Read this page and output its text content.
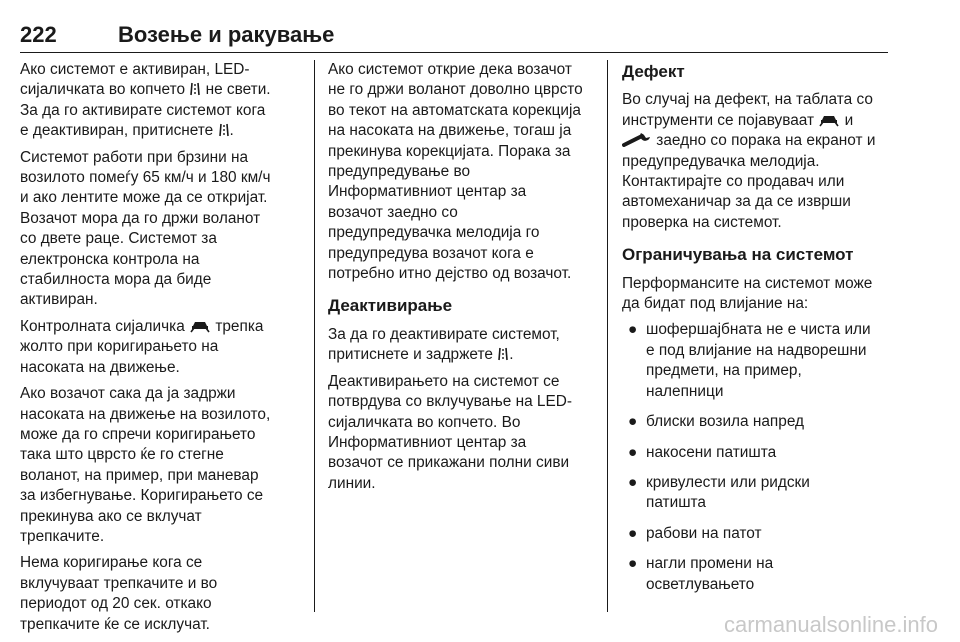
222	Возење и ракување

Ако системот е активиран, LED-
сијаличката во копчето  не свети.
За да го активирате системот кога
е деактивиран, притиснете .

Системот работи при брзини на
возилото помеѓу 65 км/ч и 180 км/ч
и ако лентите може да се откријат.
Возачот мора да го држи воланот
со двете раце. Системот за
електронска контрола на
стабилноста мора да биде
активиран.

Контролната сијаличка  трепка
жолто при коригирањето на
насоката на движење.

Ако возачот сака да ја задржи
насоката на движење на возилото,
може да го спречи коригирањето
така што цврсто ќе го стегне
воланот, на пример, при маневар
за избегнување. Коригирањето се
прекинува ако се вклучат
трепкачите.

Нема коригирање кога се
вклучуваат трепкачите и во
периодот од 20 сек. откако
трепкачите ќе се исклучат.

Ако системот открие дека возачот
не го држи воланот доволно цврсто
во текот на автоматската корекција
на насоката на движење, тогаш ја
прекинува корекцијата. Порака за
предупредување во
Информативниот центар за
возачот заедно со
предупредувачка мелодија го
предупредува возачот кога е
потребно итно дејство од возачот.

Деактивирање

За да го деактивирате системот,
притиснете и задржете .

Деактивирањето на системот се
потврдува со вклучување на LED-
сијаличката во копчето. Во
Информативниот центар за
возачот се прикажани полни сиви
линии.

Дефект

Во случај на дефект, на таблата со
инструменти се појавуваат  и
заедно со порака на екранот и
предупредувачка мелодија.
Контактирајте со продавач или
автомеханичар за да се изврши
проверка на системот.

Ограничувања на системот

Перформансите на системот може
да бидат под влијание на:

● шофершајбната не е чиста или
е под влијание на надворешни
предмети, на пример,
налепници
● блиски возила напред
● накосени патишта
● кривулести или ридски
патишта
● рабови на патот
● нагли промени на
осветлувањето
carmanualsonline.info
